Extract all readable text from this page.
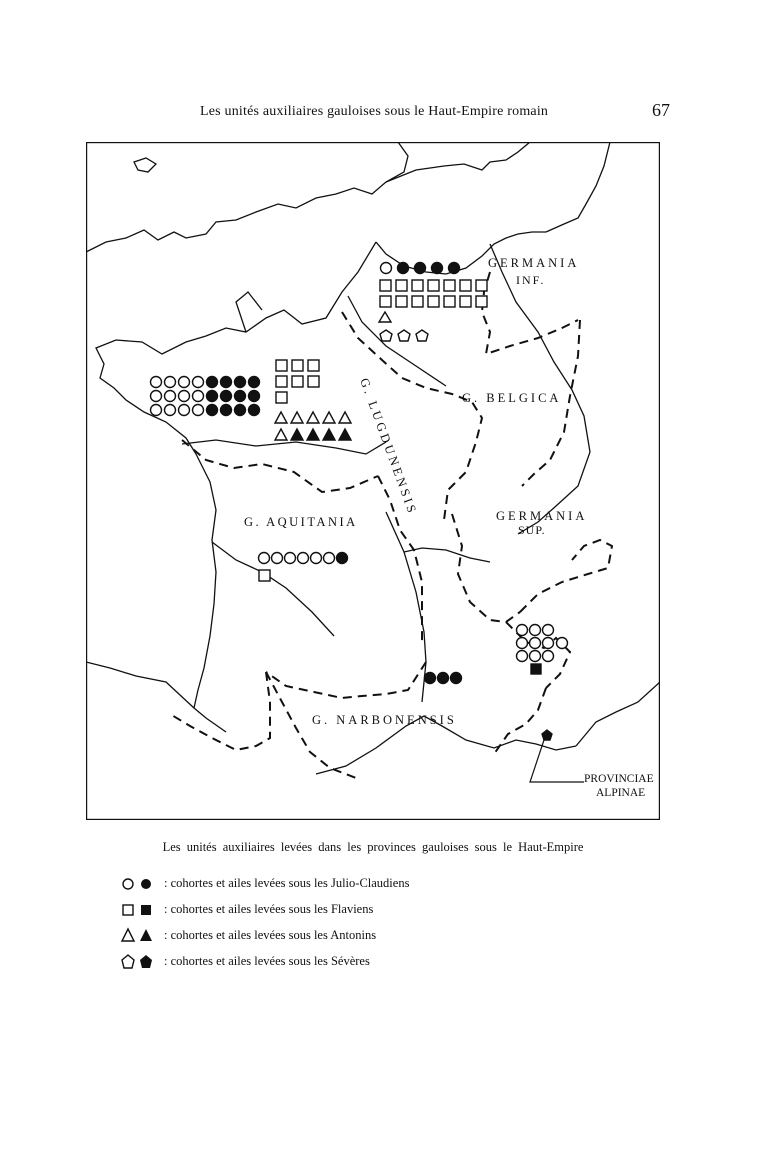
Les unités auxiliaires gauloises sous le Haut-Empire romain	67
GERMANIA
INF.
G. BELGICA
G. LUGDUNENSIS
G. AQUITANIA	GERMANIA
SUP.
G. NARBONENSIS
PROVINCIAE
ALPINAE
Les unités auxiliaires levées dans les provinces gauloises sous le Haut-Empire
: cohortes et ailes levées sous les Julio-Claudiens
: cohortes et ailes levées sous les Flaviens
: cohortes et ailes levées sous les Antonins
: cohortes et ailes levées sous les Sévères
